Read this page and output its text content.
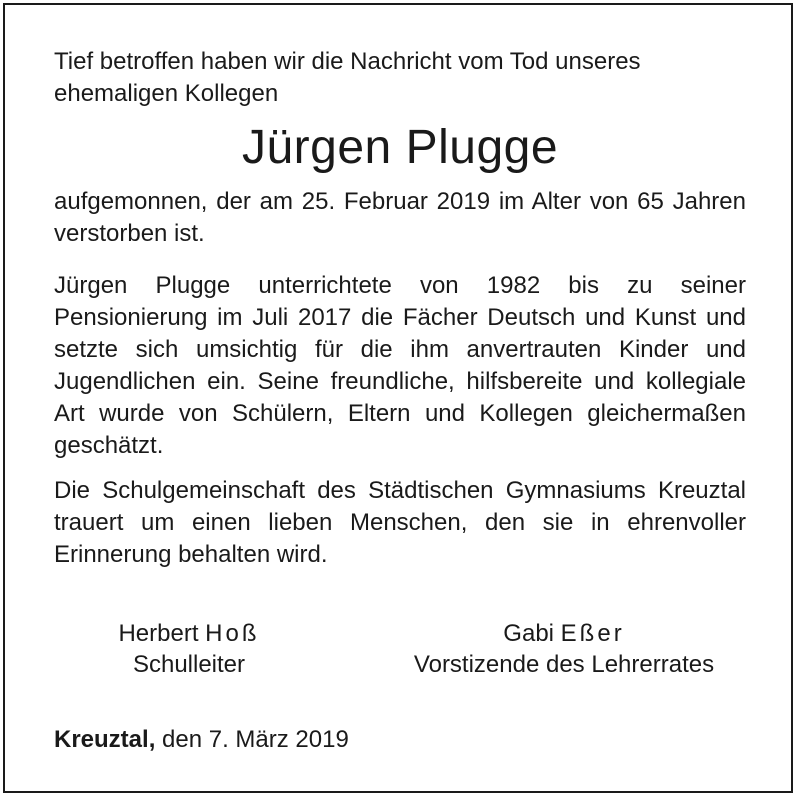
Tief betroffen haben wir die Nachricht vom Tod unseres ehemaligen Kollegen

Jürgen Plugge

aufgemonnen, der am 25. Februar 2019 im Alter von 65 Jahren verstorben ist.

Jürgen Plugge unterrichtete von 1982 bis zu seiner Pensionierung im Juli 2017 die Fächer Deutsch und Kunst und setzte sich umsichtig für die ihm anvertrauten Kinder und Jugendlichen ein. Seine freundliche, hilfsbereite und kollegiale Art wurde von Schülern, Eltern und Kollegen gleichermaßen geschätzt.

Die Schulgemeinschaft des Städtischen Gymnasiums Kreuztal trauert um einen lieben Menschen, den sie in ehrenvoller Erinnerung behalten wird.

Herbert Hoß
Schulleiter
Gabi Eßer
Vorstizende des Lehrerrates
Kreuztal, den 7. März 2019
